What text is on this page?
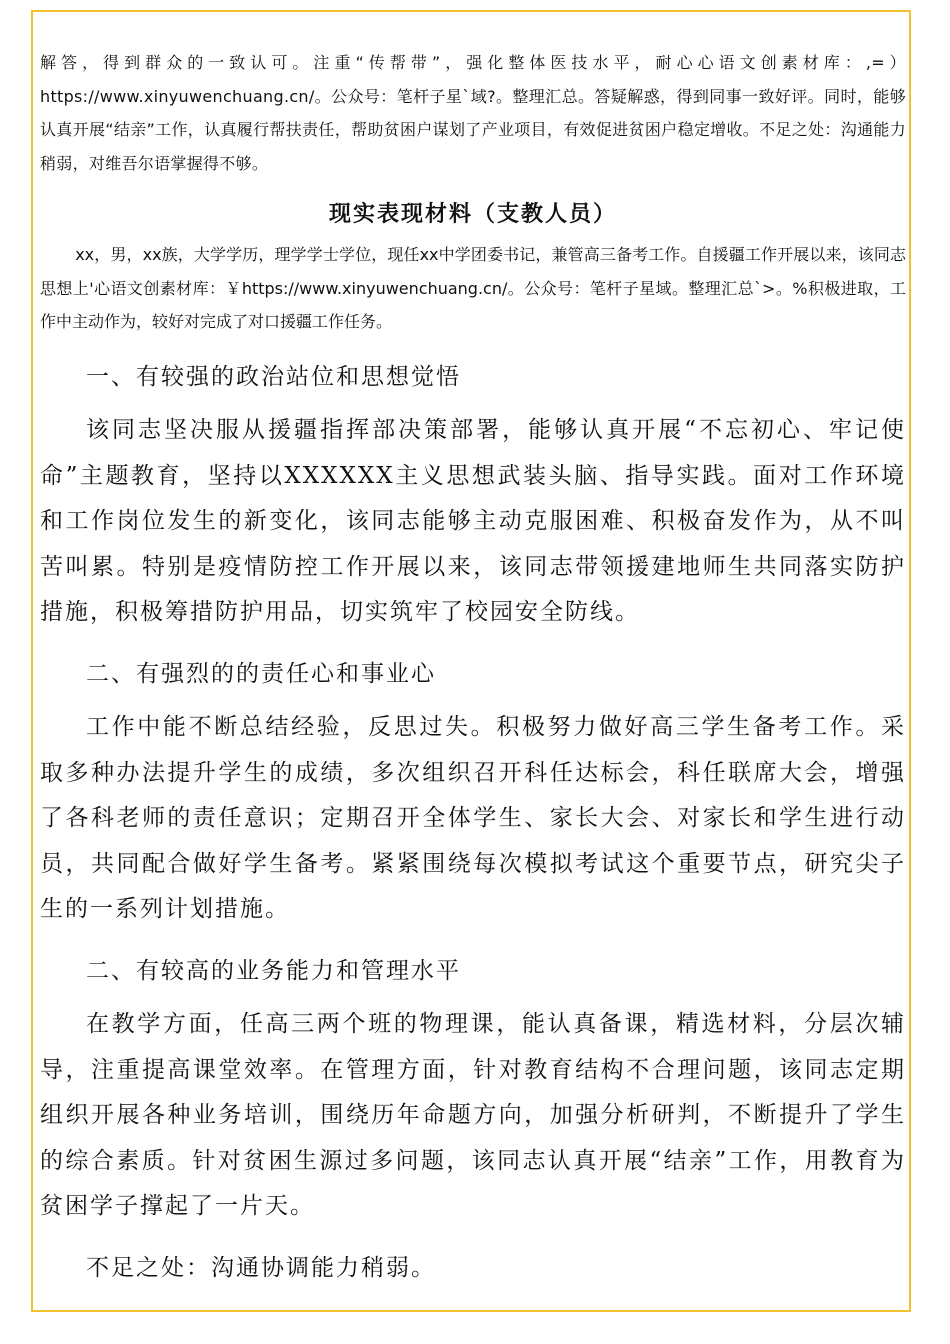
解答，得到群众的一致认可。注重“传帮带”，强化整体医技水平，耐心心语文创素材库：,=）https://www.xinyuwenchuang.cn/。公众号：笔杆子星`域?。整理汇总。答疑解惑，得到同事一致好评。同时，能够认真开展“结亲”工作，认真履行帮扶责任，帮助贫困户谋划了产业项目，有效促进贫困户稳定增收。不足之处：沟通能力稍弱，对维吾尔语掌握得不够。

现实表现材料（支教人员）

xx，男，xx族，大学学历，理学学士学位，现任xx中学团委书记，兼管高三备考工作。自援疆工作开展以来，该同志思想上'心语文创素材库：￥https://www.xinyuwenchuang.cn/。公众号：笔杆子星域。整理汇总`>。%积极进取，工作中主动作为，较好对完成了对口援疆工作任务。

一、有较强的政治站位和思想觉悟

该同志坚决服从援疆指挥部决策部署，能够认真开展“不忘初心、牢记使命”主题教育，坚持以XXXXXX主义思想武装头脑、指导实践。面对工作环境和工作岗位发生的新变化，该同志能够主动克服困难、积极奋发作为，从不叫苦叫累。特别是疫情防控工作开展以来，该同志带领援建地师生共同落实防护措施，积极筹措防护用品，切实筑牢了校园安全防线。

二、有强烈的的责任心和事业心

工作中能不断总结经验，反思过失。积极努力做好高三学生备考工作。采取多种办法提升学生的成绩，多次组织召开科任达标会，科任联席大会，增强了各科老师的责任意识；定期召开全体学生、家长大会、对家长和学生进行动员，共同配合做好学生备考。紧紧围绕每次模拟考试这个重要节点，研究尖子生的一系列计划措施。

二、有较高的业务能力和管理水平

在教学方面，任高三两个班的物理课，能认真备课，精选材料，分层次辅导，注重提高课堂效率。在管理方面，针对教育结构不合理问题，该同志定期组织开展各种业务培训，围绕历年命题方向，加强分析研判，不断提升了学生的综合素质。针对贫困生源过多问题，该同志认真开展“结亲”工作，用教育为贫困学子撑起了一片天。

不足之处：沟通协调能力稍弱。
